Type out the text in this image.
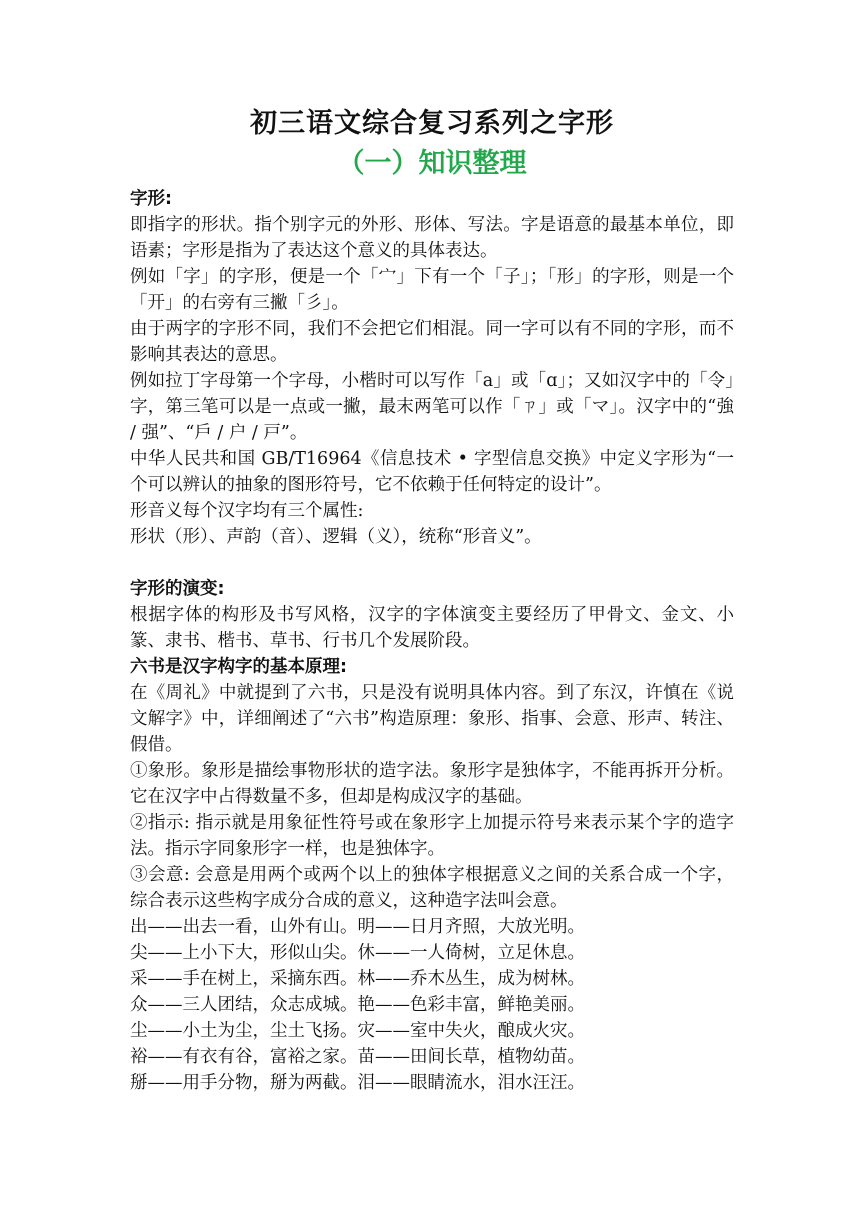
初三语文综合复习系列之字形
（一）知识整理

字形:

即指字的形状。指个别字元的外形、形体、写法。字是语意的最基本单位，即语素；字形是指为了表达这个意义的具体表达。

例如「字」的字形，便是一个「宀」下有一个「子」；「形」的字形，则是一个「开」的右旁有三撇「彡」。

由于两字的字形不同，我们不会把它们相混。同一字可以有不同的字形，而不影响其表达的意思。

例如拉丁字母第一个字母，小楷时可以写作「a」或「ɑ」；又如汉字中的「令」字，第三笔可以是一点或一撇，最末两笔可以作「ㄗ」或「マ」。汉字中的“強 / 强”、“戶 / 户 / 戸”。

中华人民共和国 GB/T16964《信息技术 • 字型信息交换》中定义字形为“一个可以辨认的抽象的图形符号，它不依赖于任何特定的设计”。

形音义每个汉字均有三个属性:

形状（形）、声韵（音）、逻辑（义），统称“形音义”。

字形的演变:

根据字体的构形及书写风格，汉字的字体演变主要经历了甲骨文、金文、小篆、隶书、楷书、草书、行书几个发展阶段。

六书是汉字构字的基本原理:

在《周礼》中就提到了六书，只是没有说明具体内容。到了东汉，许慎在《说文解字》中，详细阐述了“六书”构造原理：象形、指事、会意、形声、转注、假借。

①象形。象形是描绘事物形状的造字法。象形字是独体字，不能再拆开分析。它在汉字中占得数量不多，但却是构成汉字的基础。

②指示: 指示就是用象征性符号或在象形字上加提示符号来表示某个字的造字法。指示字同象形字一样，也是独体字。

③会意: 会意是用两个或两个以上的独体字根据意义之间的关系合成一个字，综合表示这些构字成分合成的意义，这种造字法叫会意。

出——出去一看，山外有山。明——日月齐照，大放光明。

尖——上小下大，形似山尖。休——一人倚树，立足休息。

采——手在树上，采摘东西。林——乔木丛生，成为树林。

众——三人团结，众志成城。艳——色彩丰富，鲜艳美丽。

尘——小土为尘，尘土飞扬。灾——室中失火，酿成火灾。

裕——有衣有谷，富裕之家。苗——田间长草，植物幼苗。

掰——用手分物，掰为两截。泪——眼睛流水，泪水汪汪。
